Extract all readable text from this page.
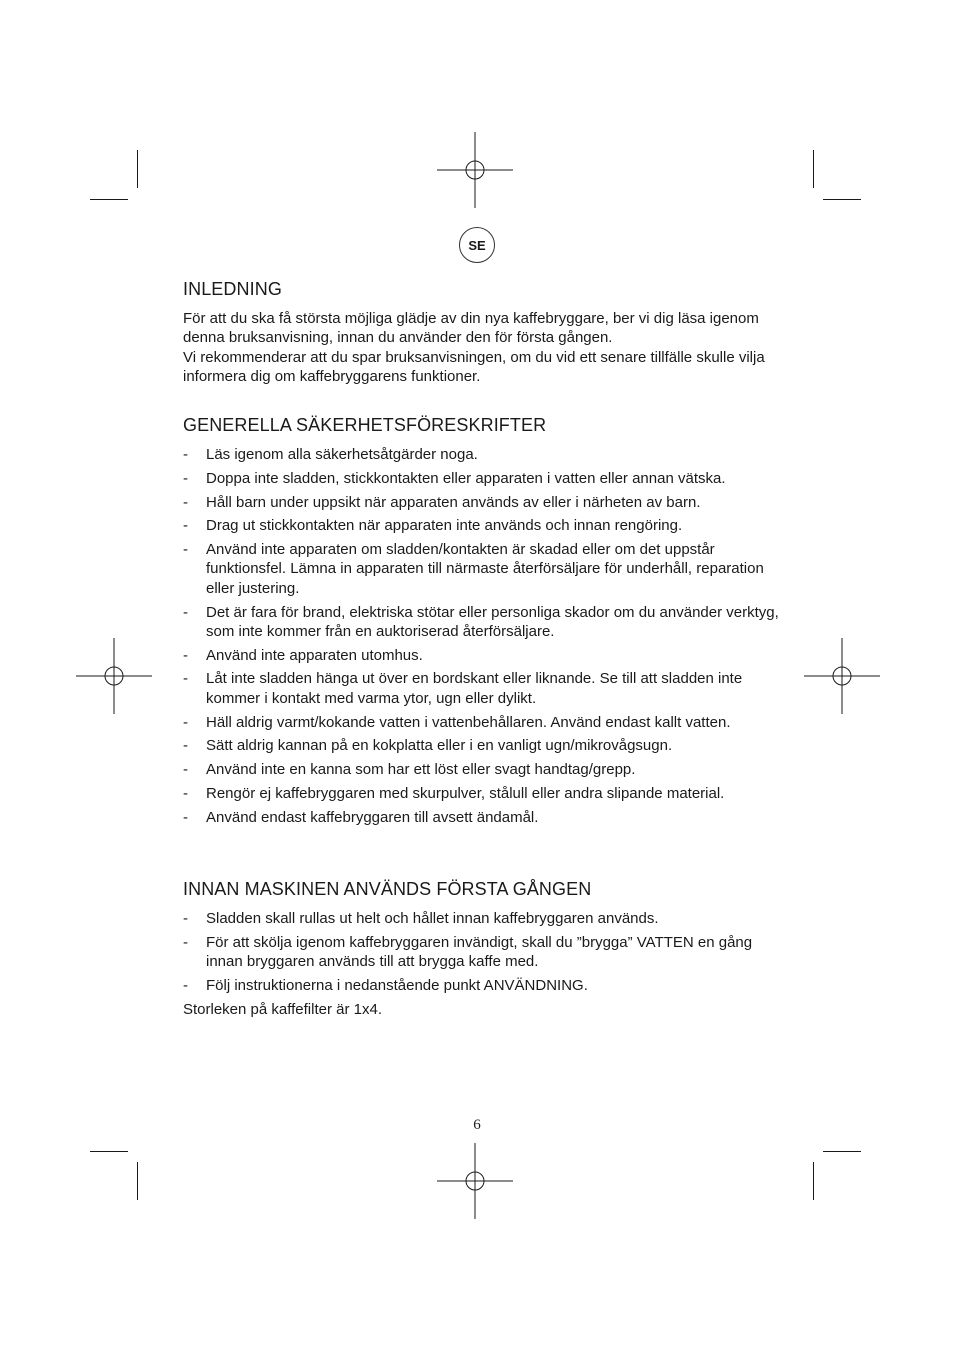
SE
INLEDNING

För att du ska få största möjliga glädje av din nya kaffebryggare, ber vi dig läsa igenom denna bruksanvisning, innan du använder den för första gången.

Vi rekommenderar att du spar bruksanvisningen, om du vid ett senare tillfälle skulle vilja informera dig om kaffebryggarens funktioner.

GENERELLA SÄKERHETSFÖRESKRIFTER
- Läs igenom alla säkerhetsåtgärder noga.
- Doppa inte sladden, stickkontakten eller apparaten i vatten eller annan vätska.
- Håll barn under uppsikt när apparaten används av eller i närheten av barn.
- Drag ut stickkontakten när apparaten inte används och innan rengöring.
- Använd inte apparaten om sladden/kontakten är skadad eller om det uppstår funktionsfel. Lämna in apparaten till närmaste återförsäljare för underhåll, reparation eller justering.
- Det är fara för brand, elektriska stötar eller personliga skador om du använder verktyg, som inte kommer från en auktoriserad återförsäljare.
- Använd inte apparaten utomhus.
- Låt inte sladden hänga ut över en bordskant eller liknande. Se till att sladden inte kommer i kontakt med varma ytor, ugn eller dylikt.
- Häll aldrig varmt/kokande vatten i vattenbehållaren. Använd endast kallt vatten.
- Sätt aldrig kannan på en kokplatta eller i en vanligt ugn/mikrovågsugn.
- Använd inte en kanna som har ett löst eller svagt handtag/grepp.
- Rengör ej kaffebryggaren med skurpulver, stålull eller andra slipande material.
- Använd endast kaffebryggaren till avsett ändamål.
INNAN MASKINEN ANVÄNDS FÖRSTA GÅNGEN
- Sladden skall rullas ut helt och hållet innan kaffebryggaren används.
- För att skölja igenom kaffebryggaren invändigt, skall du ”brygga” VATTEN en gång innan bryggaren används till att brygga kaffe med.
- Följ instruktionerna i nedanstående punkt ANVÄNDNING.

Storleken på kaffefilter är 1x4.

6
